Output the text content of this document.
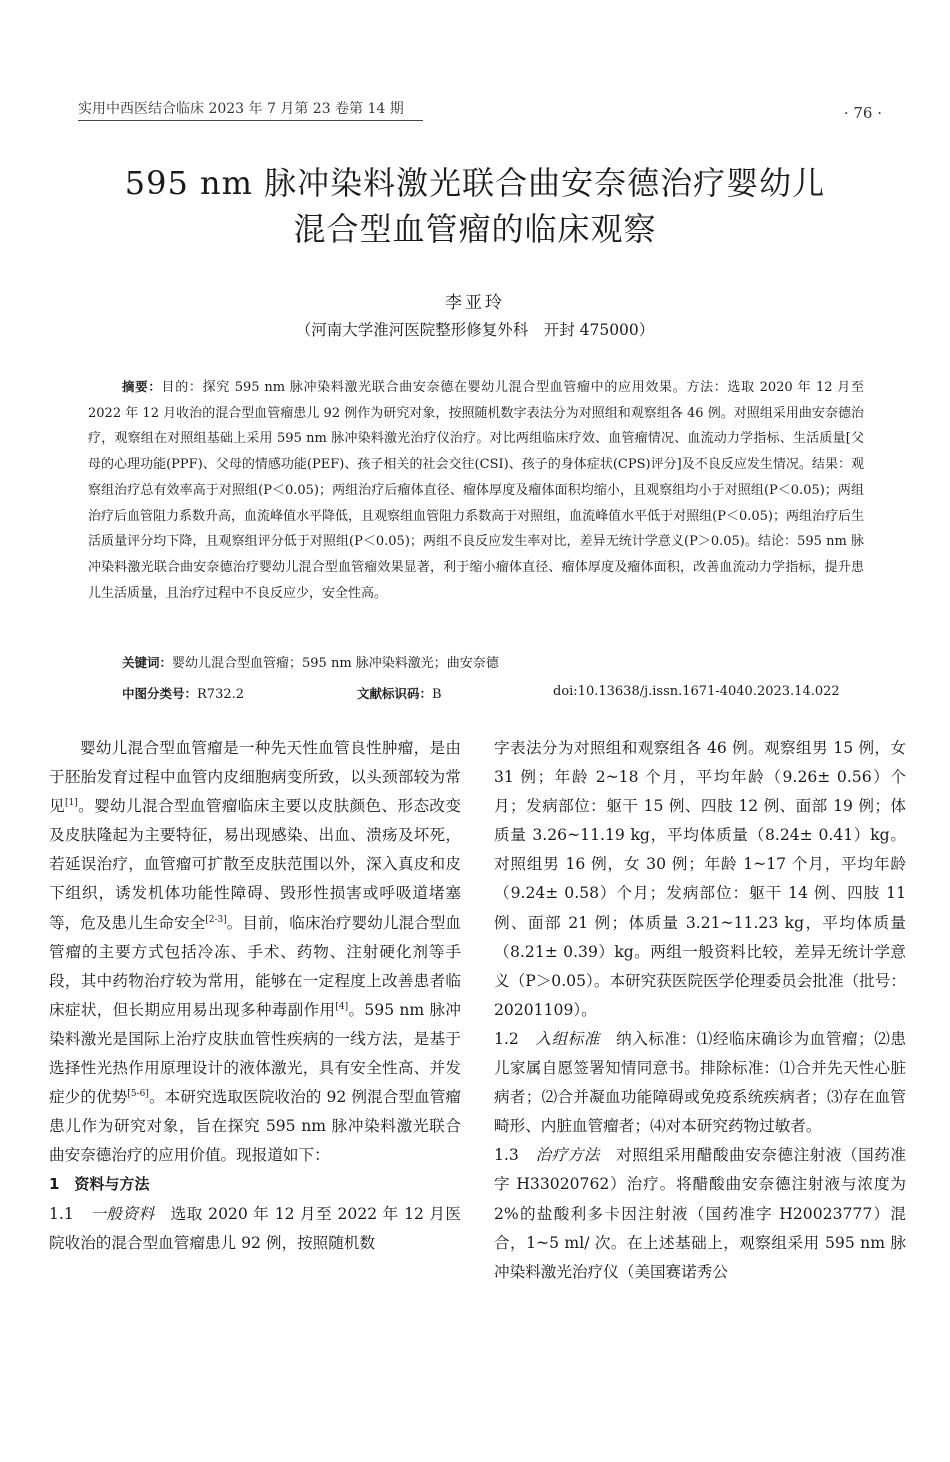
实用中西医结合临床 2023 年 7 月第 23 卷第 14 期	· 76 ·
595 nm 脉冲染料激光联合曲安奈德治疗婴幼儿
混合型血管瘤的临床观察
李亚玲
（河南大学淮河医院整形修复外科　开封 475000）

摘要：目的：探究 595 nm 脉冲染料激光联合曲安奈德在婴幼儿混合型血管瘤中的应用效果。方法：选取 2020 年 12 月至 2022 年 12 月收治的混合型血管瘤患儿 92 例作为研究对象，按照随机数字表法分为对照组和观察组各 46 例。对照组采用曲安奈德治疗，观察组在对照组基础上采用 595 nm 脉冲染料激光治疗仪治疗。对比两组临床疗效、血管瘤情况、血流动力学指标、生活质量[父母的心理功能(PPF)、父母的情感功能(PEF)、孩子相关的社会交往(CSI)、孩子的身体症状(CPS)评分]及不良反应发生情况。结果：观察组治疗总有效率高于对照组(P＜0.05)；两组治疗后瘤体直径、瘤体厚度及瘤体面积均缩小，且观察组均小于对照组(P＜0.05)；两组治疗后血管阻力系数升高，血流峰值水平降低，且观察组血管阻力系数高于对照组，血流峰值水平低于对照组(P＜0.05)；两组治疗后生活质量评分均下降，且观察组评分低于对照组(P＜0.05)；两组不良反应发生率对比，差异无统计学意义(P＞0.05)。结论：595 nm 脉冲染料激光联合曲安奈德治疗婴幼儿混合型血管瘤效果显著，利于缩小瘤体直径、瘤体厚度及瘤体面积，改善血流动力学指标，提升患儿生活质量，且治疗过程中不良反应少，安全性高。

关键词：婴幼儿混合型血管瘤；595 nm 脉冲染料激光；曲安奈德
中图分类号：R732.2	文献标识码：B	doi:10.13638/j.issn.1671-4040.2023.14.022

婴幼儿混合型血管瘤是一种先天性血管良性肿瘤，是由于胚胎发育过程中血管内皮细胞病变所致，以头颈部较为常见[1]。婴幼儿混合型血管瘤临床主要以皮肤颜色、形态改变及皮肤隆起为主要特征，易出现感染、出血、溃疡及坏死，若延误治疗，血管瘤可扩散至皮肤范围以外，深入真皮和皮下组织，诱发机体功能性障碍、毁形性损害或呼吸道堵塞等，危及患儿生命安全[2-3]。目前，临床治疗婴幼儿混合型血管瘤的主要方式包括冷冻、手术、药物、注射硬化剂等手段，其中药物治疗较为常用，能够在一定程度上改善患者临床症状，但长期应用易出现多种毒副作用[4]。595 nm 脉冲染料激光是国际上治疗皮肤血管性疾病的一线方法，是基于选择性光热作用原理设计的液体激光，具有安全性高、并发症少的优势[5-6]。本研究选取医院收治的 92 例混合型血管瘤患儿作为研究对象，旨在探究 595 nm 脉冲染料激光联合曲安奈德治疗的应用价值。现报道如下：

1　资料与方法

1.1　一般资料　选取 2020 年 12 月至 2022 年 12 月医院收治的混合型血管瘤患儿 92 例，按照随机数

字表法分为对照组和观察组各 46 例。观察组男 15 例，女 31 例；年龄 2~18 个月，平均年龄（9.26± 0.56）个月；发病部位：躯干 15 例、四肢 12 例、面部 19 例；体质量 3.26~11.19 kg，平均体质量（8.24± 0.41）kg。对照组男 16 例，女 30 例；年龄 1~17 个月，平均年龄（9.24± 0.58）个月；发病部位：躯干 14 例、四肢 11 例、面部 21 例；体质量 3.21~11.23 kg，平均体质量（8.21± 0.39）kg。两组一般资料比较，差异无统计学意义（P＞0.05）。本研究获医院医学伦理委员会批准（批号：20201109）。

1.2　入组标准　纳入标准：⑴经临床确诊为血管瘤；⑵患儿家属自愿签署知情同意书。排除标准：⑴合并先天性心脏病者；⑵合并凝血功能障碍或免疫系统疾病者；⑶存在血管畸形、内脏血管瘤者；⑷对本研究药物过敏者。

1.3　治疗方法　对照组采用醋酸曲安奈德注射液（国药准字 H33020762）治疗。将醋酸曲安奈德注射液与浓度为 2%的盐酸利多卡因注射液（国药准字 H20023777）混合，1~5 ml/ 次。在上述基础上，观察组采用 595 nm 脉冲染料激光治疗仪（美国赛诺秀公
